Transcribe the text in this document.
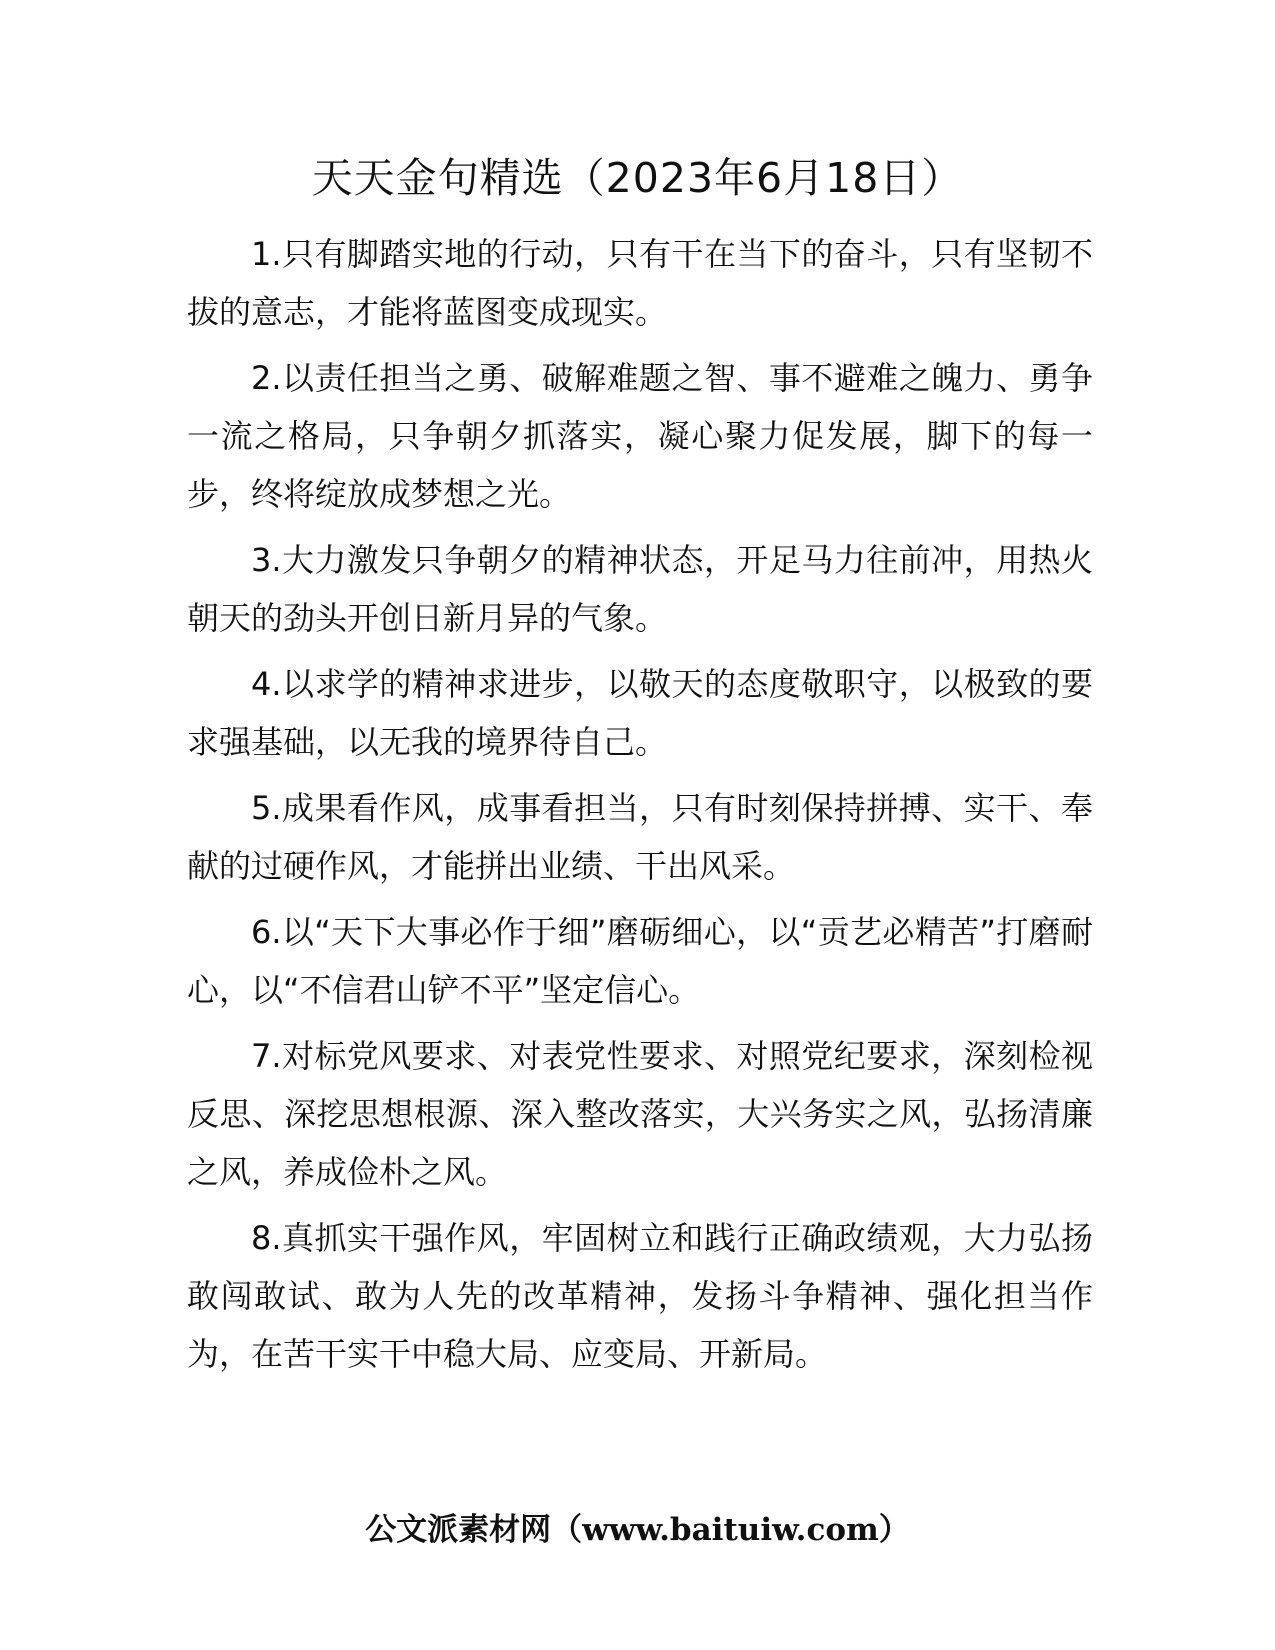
天天金句精选（2023年6月18日）

1.只有脚踏实地的行动，只有干在当下的奋斗，只有坚韧不拔的意志，才能将蓝图变成现实。

2.以责任担当之勇、破解难题之智、事不避难之魄力、勇争一流之格局，只争朝夕抓落实，凝心聚力促发展，脚下的每一步，终将绽放成梦想之光。

3.大力激发只争朝夕的精神状态，开足马力往前冲，用热火朝天的劲头开创日新月异的气象。

4.以求学的精神求进步，以敬天的态度敬职守，以极致的要求强基础，以无我的境界待自己。

5.成果看作风，成事看担当，只有时刻保持拼搏、实干、奉献的过硬作风，才能拼出业绩、干出风采。

6.以“天下大事必作于细”磨砺细心，以“贡艺必精苦”打磨耐心，以“不信君山铲不平”坚定信心。

7.对标党风要求、对表党性要求、对照党纪要求，深刻检视反思、深挖思想根源、深入整改落实，大兴务实之风，弘扬清廉之风，养成俭朴之风。

8.真抓实干强作风，牢固树立和践行正确政绩观，大力弘扬敢闯敢试、敢为人先的改革精神，发扬斗争精神、强化担当作为，在苦干实干中稳大局、应变局、开新局。

公文派素材网（www.baituiw.com）
